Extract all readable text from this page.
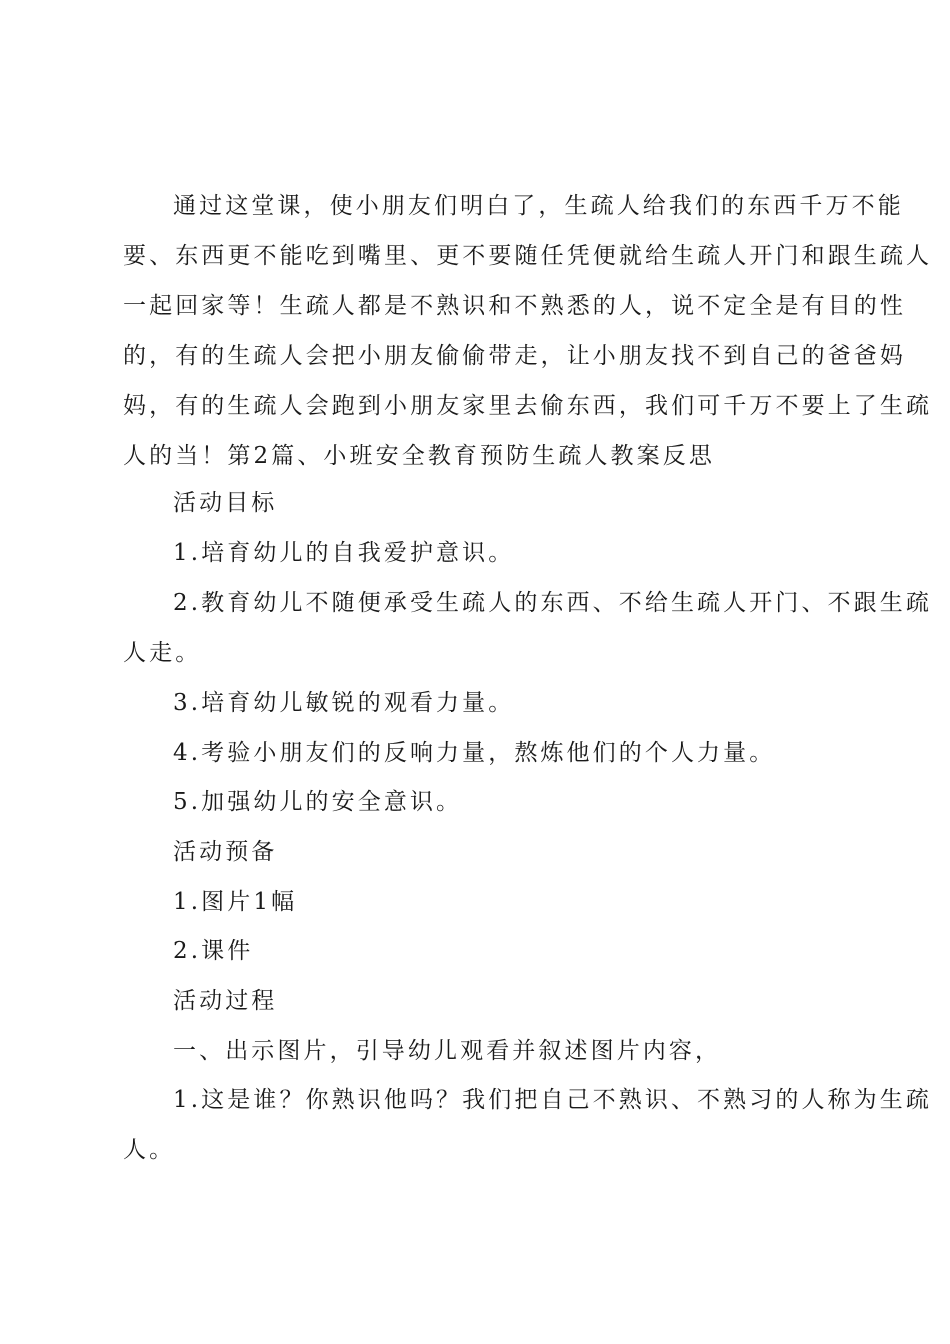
通过这堂课，使小朋友们明白了，生疏人给我们的东西千万不能
要、东西更不能吃到嘴里、更不要随任凭便就给生疏人开门和跟生疏人
一起回家等！生疏人都是不熟识和不熟悉的人，说不定全是有目的性
的，有的生疏人会把小朋友偷偷带走，让小朋友找不到自己的爸爸妈
妈，有的生疏人会跑到小朋友家里去偷东西，我们可千万不要上了生疏
人的当！第2篇、小班安全教育预防生疏人教案反思
活动目标
1.培育幼儿的自我爱护意识。
2.教育幼儿不随便承受生疏人的东西、不给生疏人开门、不跟生疏
人走。
3.培育幼儿敏锐的观看力量。
4.考验小朋友们的反响力量，熬炼他们的个人力量。
5.加强幼儿的安全意识。
活动预备
1.图片1幅
2.课件
活动过程
一、出示图片，引导幼儿观看并叙述图片内容，
1.这是谁？你熟识他吗？我们把自己不熟识、不熟习的人称为生疏
人。
